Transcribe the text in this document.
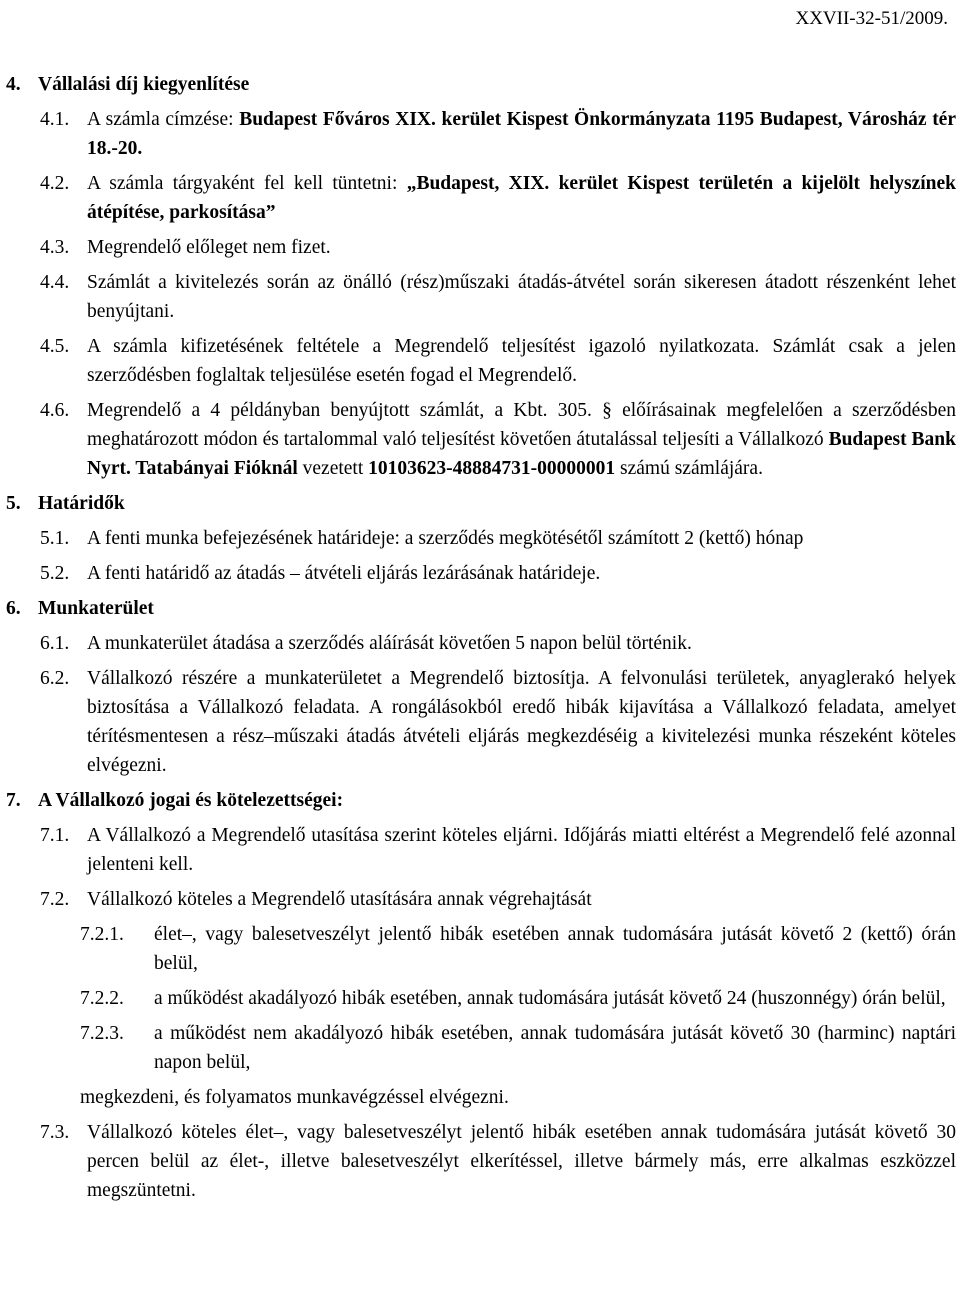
XXVII-32-51/2009.
4. Vállalási díj kiegyenlítése
4.1. A számla címzése: Budapest Főváros XIX. kerület Kispest Önkormányzata 1195 Budapest, Városház tér 18.-20.
4.2. A számla tárgyaként fel kell tüntetni: „Budapest, XIX. kerület Kispest területén a kijelölt helyszínek átépítése, parkosítása”
4.3. Megrendelő előleget nem fizet.
4.4. Számlát a kivitelezés során az önálló (rész)műszaki átadás-átvétel során sikeresen átadott részenként lehet benyújtani.
4.5. A számla kifizetésének feltétele a Megrendelő teljesítést igazoló nyilatkozata. Számlát csak a jelen szerződésben foglaltak teljesülése esetén fogad el Megrendelő.
4.6. Megrendelő a 4 példányban benyújtott számlát, a Kbt. 305. § előírásainak megfelelően a szerződésben meghatározott módon és tartalommal való teljesítést követően átutalással teljesíti a Vállalkozó Budapest Bank Nyrt. Tatabányai Fióknál vezetett 10103623-48884731-00000001 számú számlájára.
5. Határidők
5.1. A fenti munka befejezésének határideje: a szerződés megkötésétől számított 2 (kettő) hónap
5.2. A fenti határidő az átadás – átvételi eljárás lezárásának határideje.
6. Munkaterület
6.1. A munkaterület átadása a szerződés aláírását követően 5 napon belül történik.
6.2. Vállalkozó részére a munkaterületet a Megrendelő biztosítja. A felvonulási területek, anyaglerakó helyek biztosítása a Vállalkozó feladata. A rongálásokból eredő hibák kijavítása a Vállalkozó feladata, amelyet térítésmentesen a rész–műszaki átadás átvételi eljárás megkezdéséig a kivitelezési munka részeként köteles elvégezni.
7. A Vállalkozó jogai és kötelezettségei:
7.1. A Vállalkozó a Megrendelő utasítása szerint köteles eljárni. Időjárás miatti eltérést a Megrendelő felé azonnal jelenteni kell.
7.2. Vállalkozó köteles a Megrendelő utasítására annak végrehajtását
7.2.1.	élet–, vagy balesetveszélyt jelentő hibák esetében annak tudomására jutását követő 2 (kettő) órán belül,
7.2.2.	a működést akadályozó hibák esetében, annak tudomására jutását követő 24 (huszonnégy) órán belül,
7.2.3.	a működést nem akadályozó hibák esetében, annak tudomására jutását követő 30 (harminc) naptári napon belül,
megkezdeni, és folyamatos munkavégzéssel elvégezni.
7.3. Vállalkozó köteles élet–, vagy balesetveszélyt jelentő hibák esetében annak tudomására jutását követő 30 percen belül az élet-, illetve balesetveszélyt elkerítéssel, illetve bármely más, erre alkalmas eszközzel megszüntetni.
